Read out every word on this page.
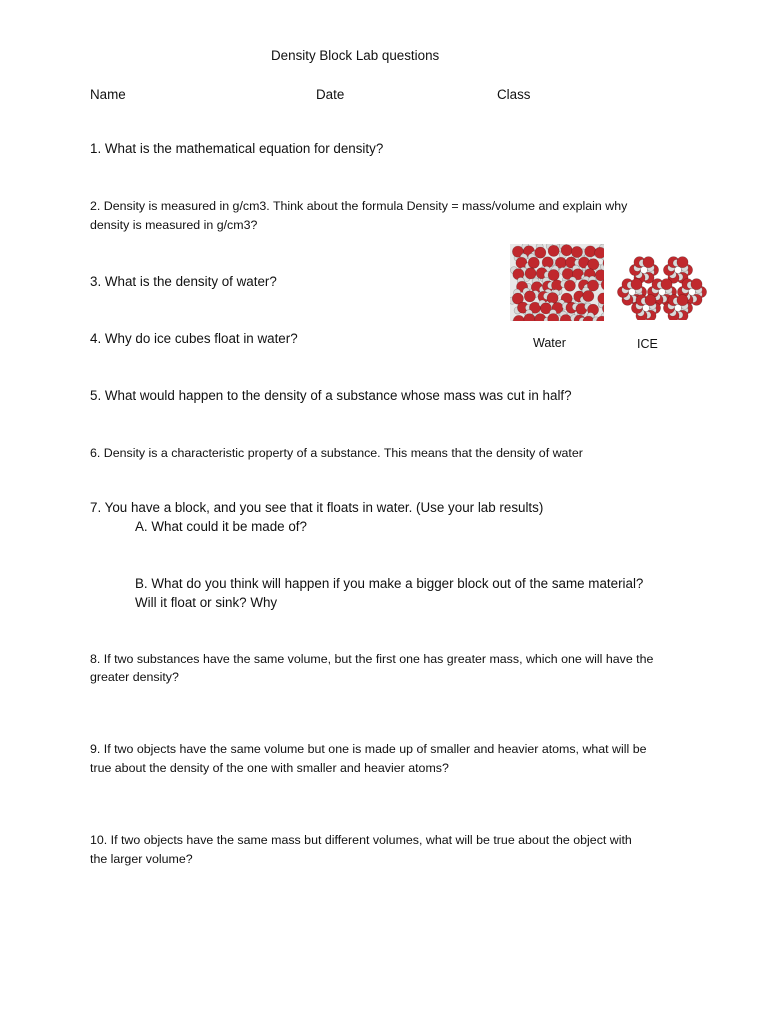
Density Block Lab questions
Name	Date	Class
1. What is the mathematical equation for density?
2. Density is measured in g/cm3. Think about the formula Density = mass/volume and explain why
density is measured in g/cm3?
3. What is the density of water?
4. Why do ice cubes float in water?	Water	ICE
5. What would happen to the density of a substance whose mass was cut in half?
6. Density is a characteristic property of a substance. This means that the density of water
7. You have a block, and you see that it floats in water. (Use your lab results)
A. What could it be made of?
B. What do you think will happen if you make a bigger block out of the same material?
Will it float or sink? Why
8. If two substances have the same volume, but the first one has greater mass, which one will have the
greater density?
9. If two objects have the same volume but one is made up of smaller and heavier atoms, what will be
true about the density of the one with smaller and heavier atoms?
10. If two objects have the same mass but different volumes, what will be true about the object with
the larger volume?
